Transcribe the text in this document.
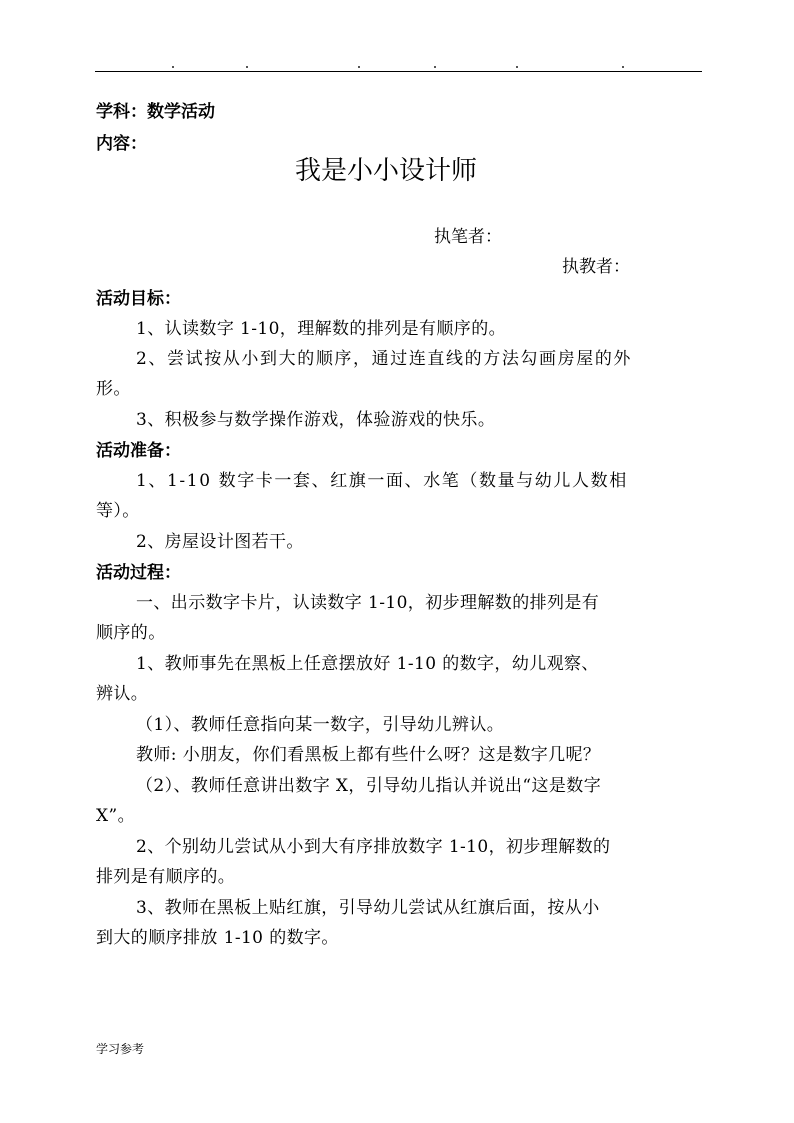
学科：数学活动
内容：
我是小小设计师
执笔者：
执教者：
活动目标：
1、认读数字 1-10，理解数的排列是有顺序的。
2、尝试按从小到大的顺序，通过连直线的方法勾画房屋的外
形。
3、积极参与数学操作游戏，体验游戏的快乐。
活动准备：
1、1-10 数字卡一套、红旗一面、水笔（数量与幼儿人数相
等）。
2、房屋设计图若干。
活动过程：
一、出示数字卡片，认读数字 1-10，初步理解数的排列是有
顺序的。
1、教师事先在黑板上任意摆放好 1-10 的数字，幼儿观察、
辨认。
（1）、教师任意指向某一数字，引导幼儿辨认。
教师: 小朋友，你们看黑板上都有些什么呀？这是数字几呢？
（2）、教师任意讲出数字 X，引导幼儿指认并说出“这是数字
X”。
2、个别幼儿尝试从小到大有序排放数字 1-10，初步理解数的
排列是有顺序的。
3、教师在黑板上贴红旗，引导幼儿尝试从红旗后面，按从小
到大的顺序排放 1-10 的数字。
学习参考
